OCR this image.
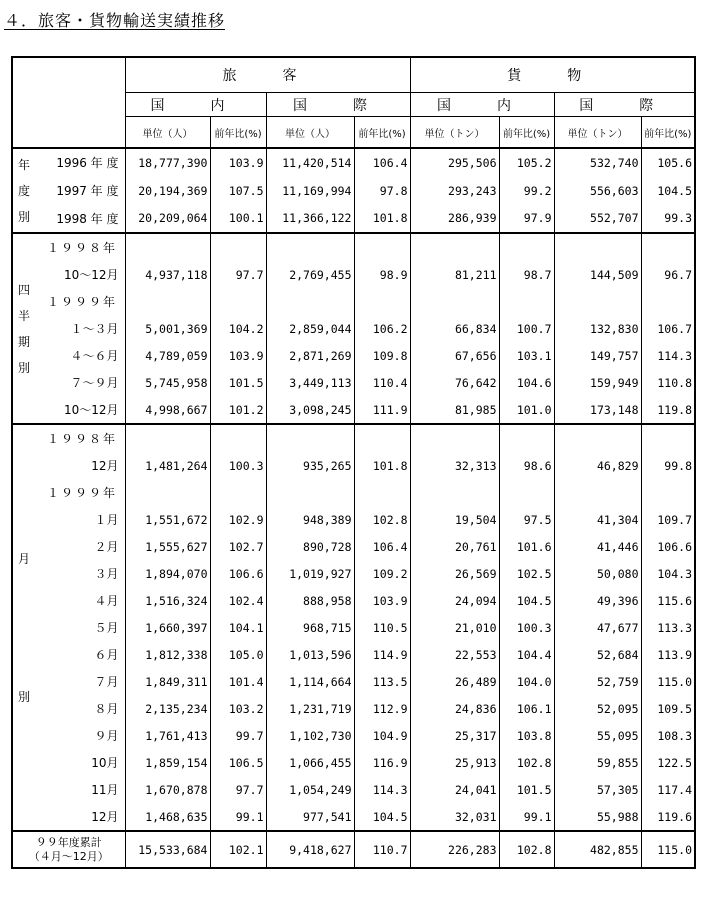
４．旅客・貨物輸送実績推移
		旅　客				貨　物			
		国　内		国　際		国　内		国　際	
		単位（人）	前年比(%)	単位（人）	前年比(%)	単位（トン）	前年比(%)	単位（トン）	前年比(%)

年
度
別	1996 年 度	18,777,390	103.9	11,420,514	106.4	295,506	105.2	532,740	105.6
	1997 年 度	20,194,369	107.5	11,169,994	97.8	293,243	99.2	556,603	104.5
	1998 年 度	20,209,064	100.1	11,366,122	101.8	286,939	97.9	552,707	99.3

四
半
期
別	１９９８年								
	10～12月	4,937,118	97.7	2,769,455	98.9	81,211	98.7	144,509	96.7
	１９９９年								
	１～３月	5,001,369	104.2	2,859,044	106.2	66,834	100.7	132,830	106.7
	４～６月	4,789,059	103.9	2,871,269	109.8	67,656	103.1	149,757	114.3
	７～９月	5,745,958	101.5	3,449,113	110.4	76,642	104.6	159,949	110.8
	10～12月	4,998,667	101.2	3,098,245	111.9	81,985	101.0	173,148	119.8

月
別	１９９８年								
	12月	1,481,264	100.3	935,265	101.8	32,313	98.6	46,829	99.8
	１９９９年								
	１月	1,551,672	102.9	948,389	102.8	19,504	97.5	41,304	109.7
	２月	1,555,627	102.7	890,728	106.4	20,761	101.6	41,446	106.6
	３月	1,894,070	106.6	1,019,927	109.2	26,569	102.5	50,080	104.3
	４月	1,516,324	102.4	888,958	103.9	24,094	104.5	49,396	115.6
	５月	1,660,397	104.1	968,715	110.5	21,010	100.3	47,677	113.3
	６月	1,812,338	105.0	1,013,596	114.9	22,553	104.4	52,684	113.9
	７月	1,849,311	101.4	1,114,664	113.5	26,489	104.0	52,759	115.0
	８月	2,135,234	103.2	1,231,719	112.9	24,836	106.1	52,095	109.5
	９月	1,761,413	99.7	1,102,730	104.9	25,317	103.8	55,095	108.3
	10月	1,859,154	106.5	1,066,455	116.9	25,913	102.8	59,855	122.5
	11月	1,670,878	97.7	1,054,249	114.3	24,041	101.5	57,305	117.4
	12月	1,468,635	99.1	977,541	104.5	32,031	99.1	55,988	119.6

９９年度累計
（４月～12月）		15,533,684	102.1	9,418,627	110.7	226,283	102.8	482,855	115.0
